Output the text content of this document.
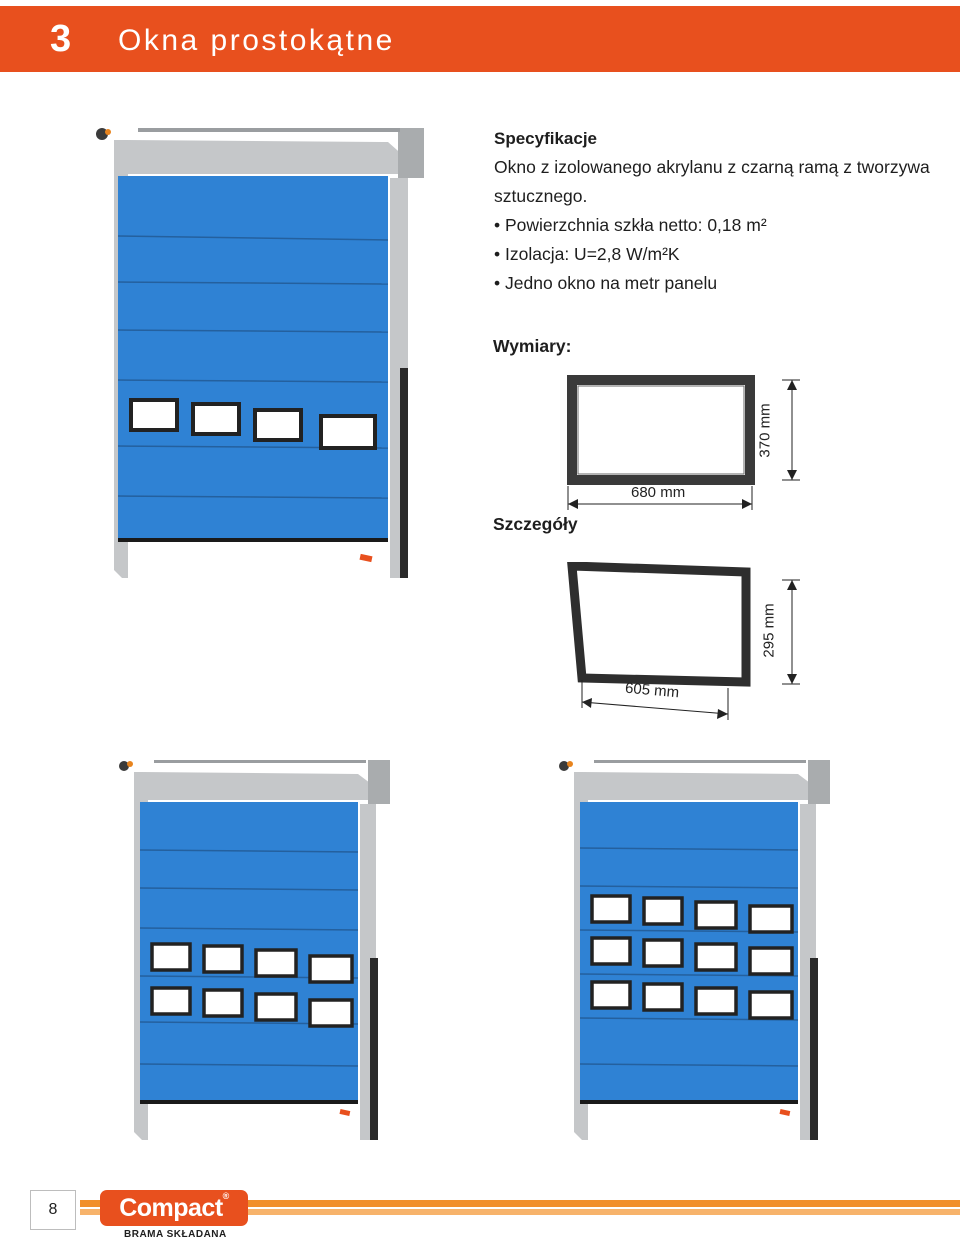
3 Okna prostokątne
Specyfikacje

Okno z izolowanego akrylanu z czarną ramą z tworzywa sztucznego.

• Powierzchnia szkła netto: 0,18 m²
• Izolacja: U=2,8 W/m²K
• Jedno okno na metr panelu
Wymiary:
680 mm
370 mm
Szczegóły
605 mm
295 mm
8	Compact®
BRAMA SKŁADANA
